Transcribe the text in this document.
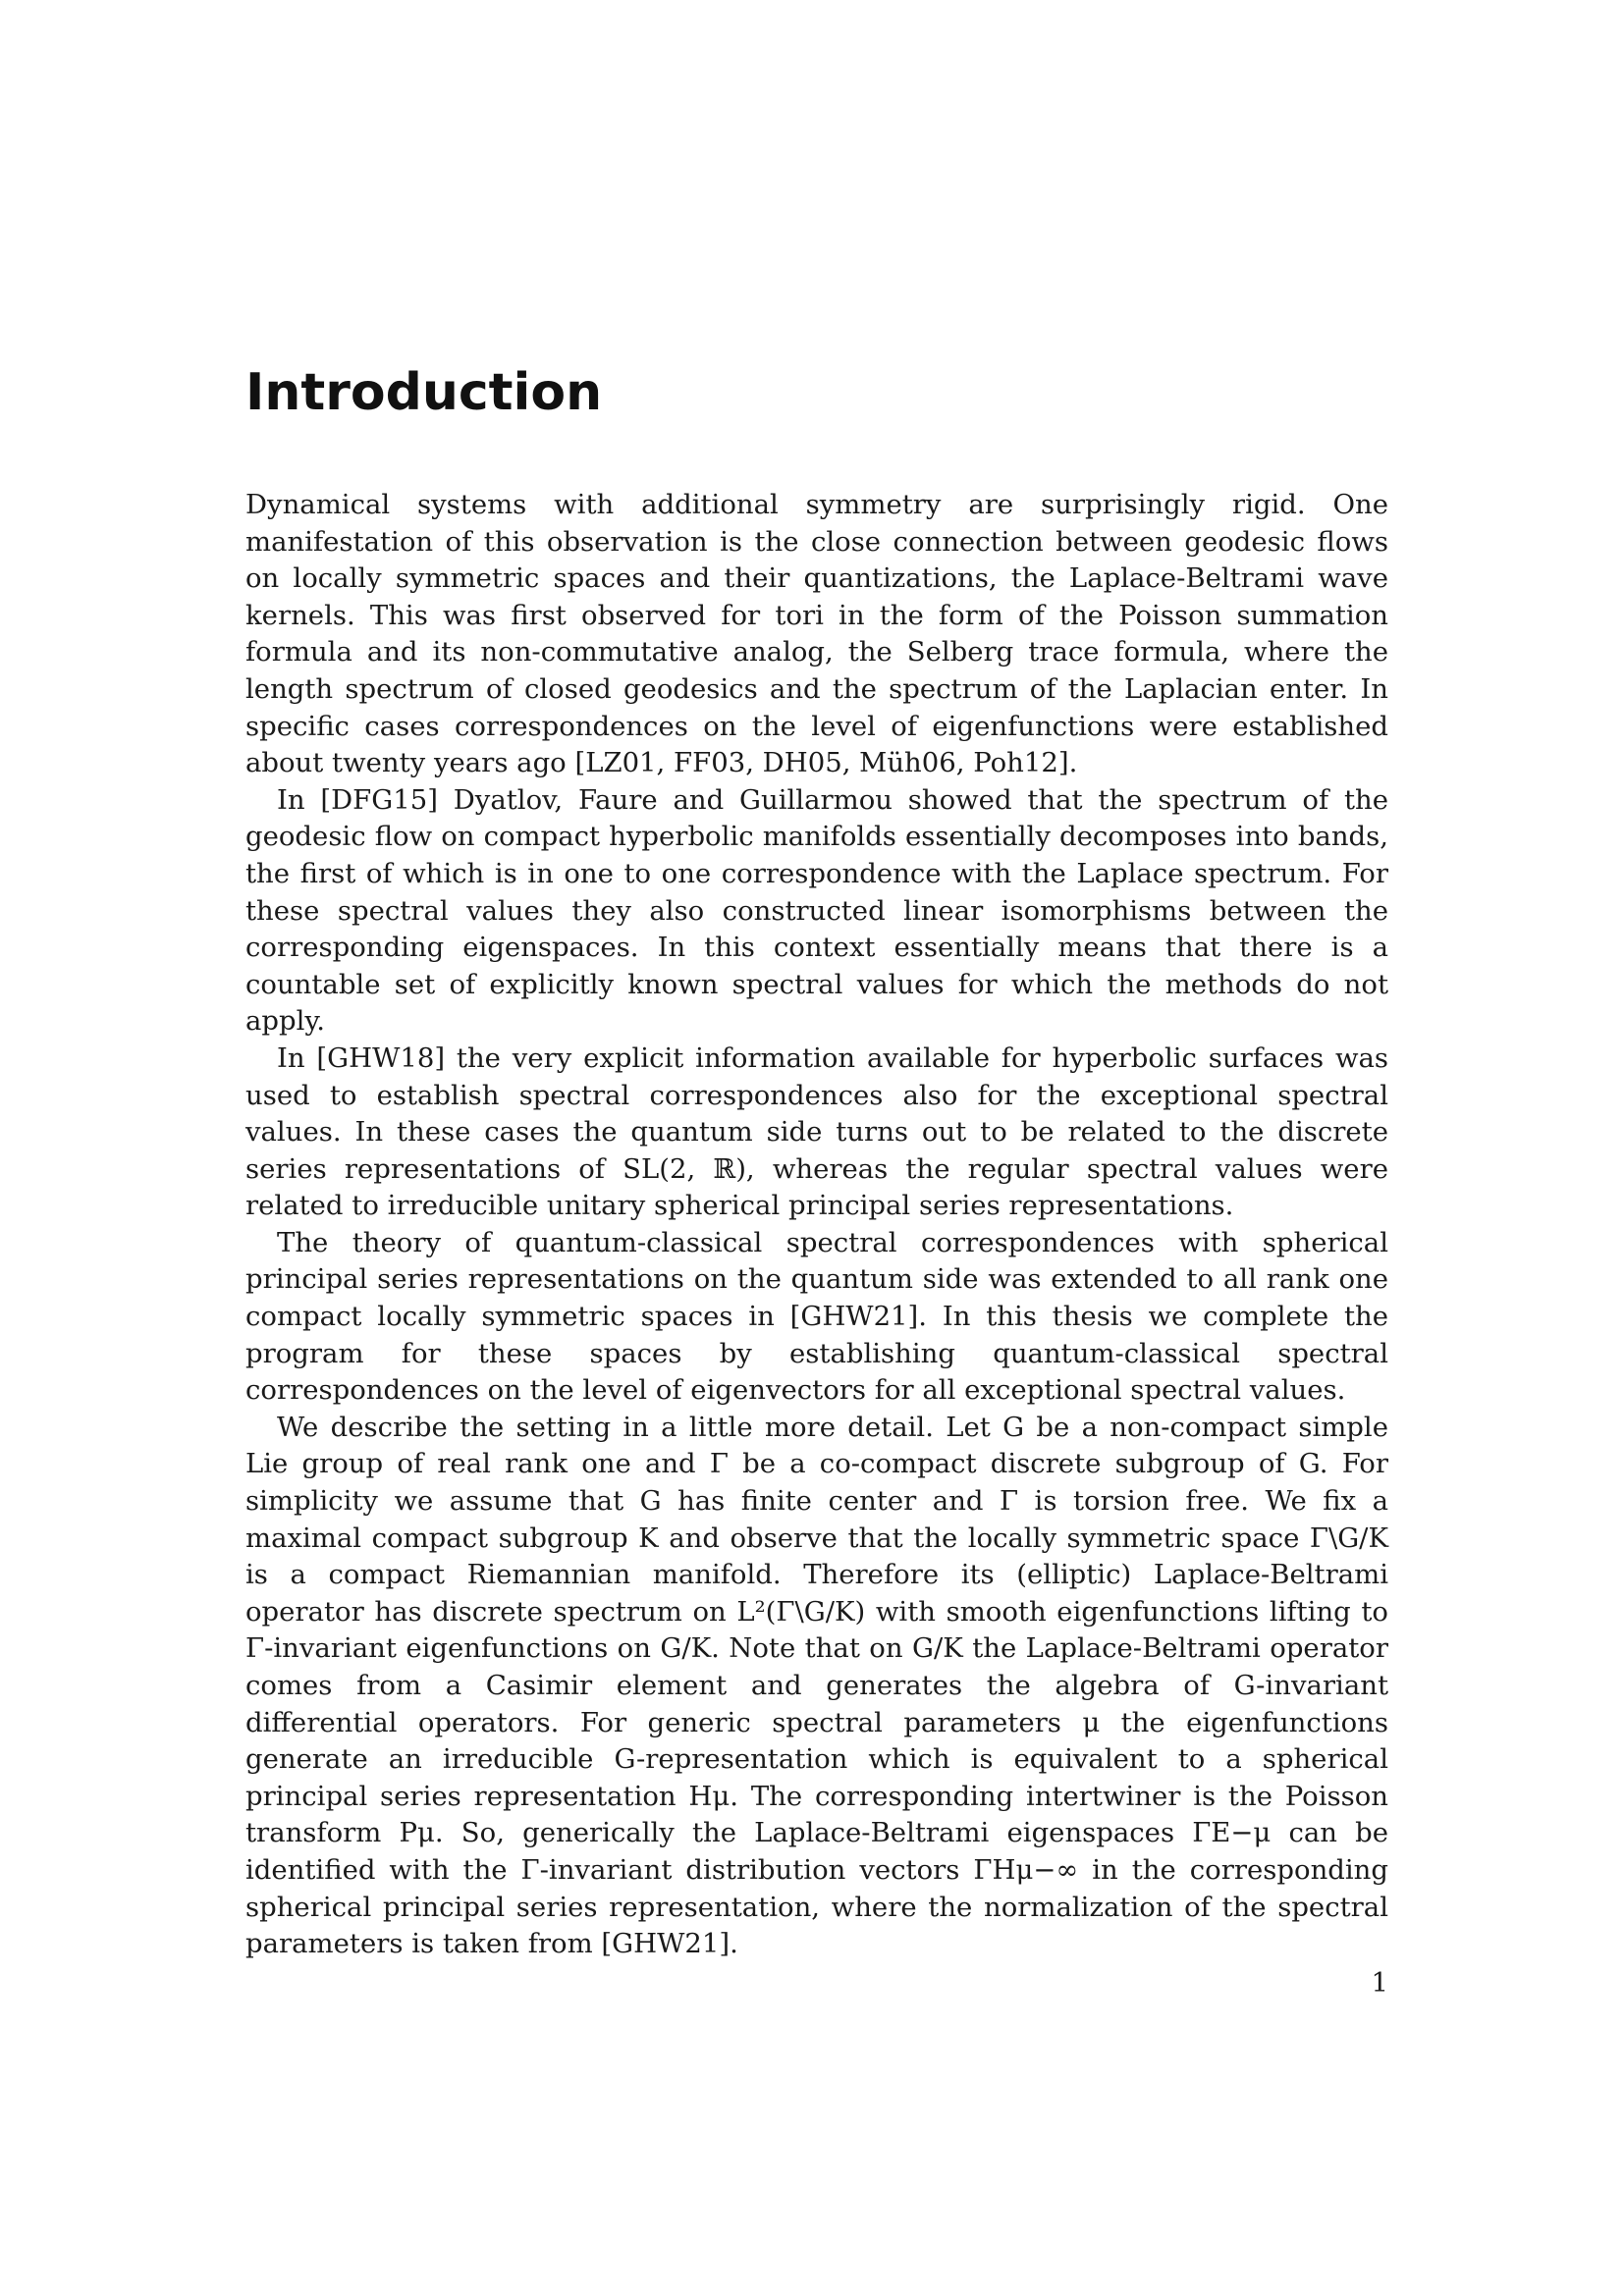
Introduction

Dynamical systems with additional symmetry are surprisingly rigid. One manifestation of this observation is the close connection between geodesic flows on locally symmetric spaces and their quantizations, the Laplace-Beltrami wave kernels. This was first observed for tori in the form of the Poisson summation formula and its non-commutative analog, the Selberg trace formula, where the length spectrum of closed geodesics and the spectrum of the Laplacian enter. In specific cases correspondences on the level of eigenfunctions were established about twenty years ago [LZ01, FF03, DH05, Müh06, Poh12].

In [DFG15] Dyatlov, Faure and Guillarmou showed that the spectrum of the geodesic flow on compact hyperbolic manifolds essentially decomposes into bands, the first of which is in one to one correspondence with the Laplace spectrum. For these spectral values they also constructed linear isomorphisms between the corresponding eigenspaces. In this context essentially means that there is a countable set of explicitly known spectral values for which the methods do not apply.

In [GHW18] the very explicit information available for hyperbolic surfaces was used to establish spectral correspondences also for the exceptional spectral values. In these cases the quantum side turns out to be related to the discrete series representations of SL(2, ℝ), whereas the regular spectral values were related to irreducible unitary spherical principal series representations.

The theory of quantum-classical spectral correspondences with spherical principal series representations on the quantum side was extended to all rank one compact locally symmetric spaces in [GHW21]. In this thesis we complete the program for these spaces by establishing quantum-classical spectral correspondences on the level of eigenvectors for all exceptional spectral values.

We describe the setting in a little more detail. Let G be a non-compact simple Lie group of real rank one and Γ be a co-compact discrete subgroup of G. For simplicity we assume that G has finite center and Γ is torsion free. We fix a maximal compact subgroup K and observe that the locally symmetric space Γ\G/K is a compact Riemannian manifold. Therefore its (elliptic) Laplace-Beltrami operator has discrete spectrum on L²(Γ\G/K) with smooth eigenfunctions lifting to Γ-invariant eigenfunctions on G/K. Note that on G/K the Laplace-Beltrami operator comes from a Casimir element and generates the algebra of G-invariant differential operators. For generic spectral parameters μ the eigenfunctions generate an irreducible G-representation which is equivalent to a spherical principal series representation Hμ. The corresponding intertwiner is the Poisson transform Pμ. So, generically the Laplace-Beltrami eigenspaces ΓE−μ can be identified with the Γ-invariant distribution vectors ΓHμ−∞ in the corresponding spherical principal series representation, where the normalization of the spectral parameters is taken from [GHW21].

1
